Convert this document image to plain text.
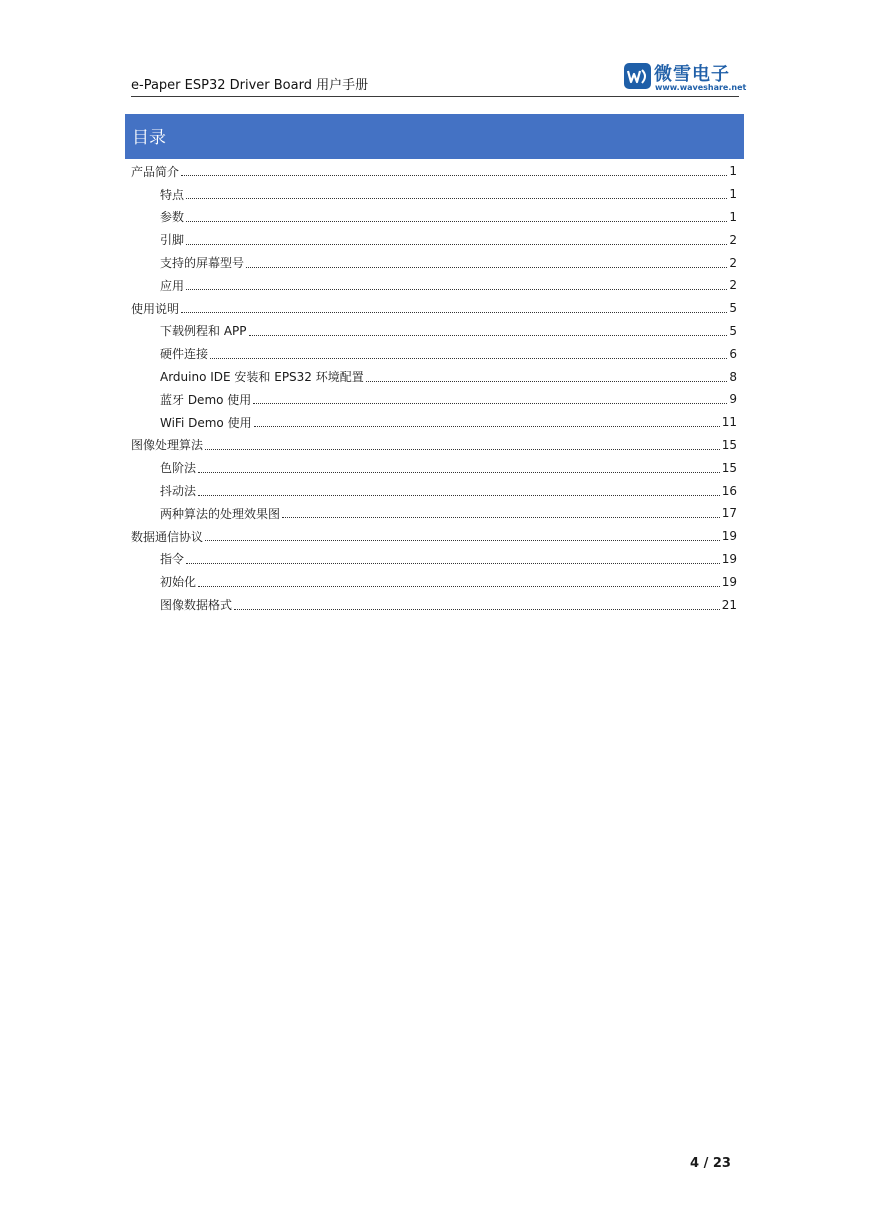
e-Paper ESP32 Driver Board 用户手册
微雪电子
www.waveshare.net
目录
产品简介	1
特点	1
参数	1
引脚	2
支持的屏幕型号	2
应用	2
使用说明	5
下载例程和 APP	5
硬件连接	6
Arduino IDE 安装和 EPS32 环境配置	8
蓝牙 Demo 使用	9
WiFi Demo 使用	11
图像处理算法	15
色阶法	15
抖动法	16
两种算法的处理效果图	17
数据通信协议	19
指令	19
初始化	19
图像数据格式	21
4 / 23
